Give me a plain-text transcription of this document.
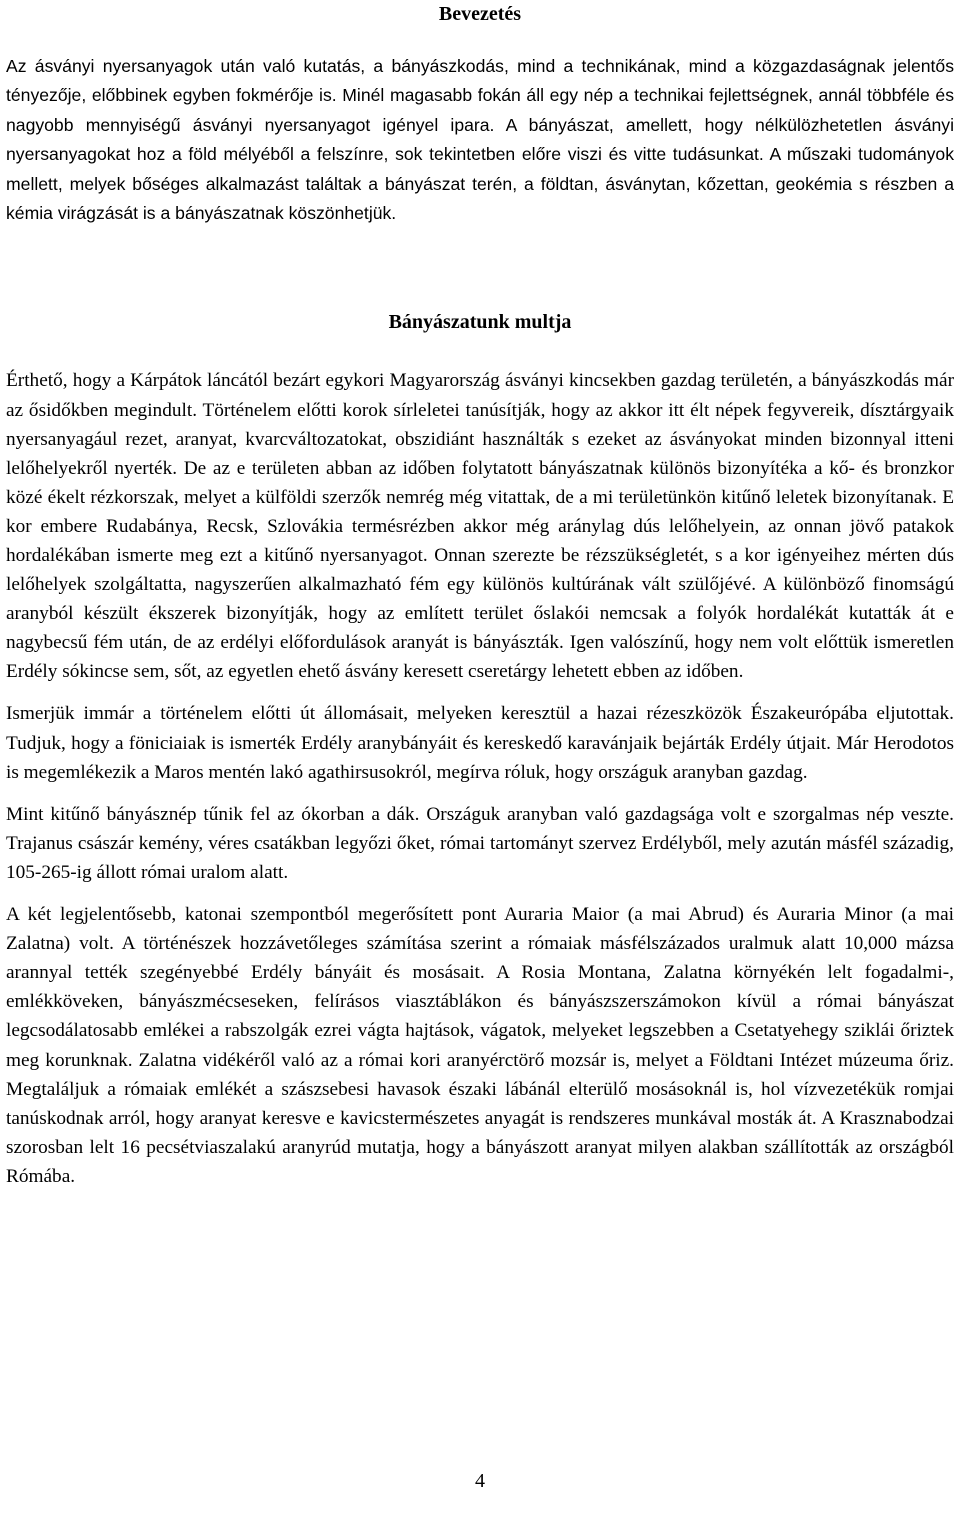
Bevezetés

Az ásványi nyersanyagok után való kutatás, a bányászkodás, mind a technikának, mind a közgazdaságnak jelentős tényezője, előbbinek egyben fokmérője is. Minél magasabb fokán áll egy nép a technikai fejlettségnek, annál többféle és nagyobb mennyiségű ásványi nyersanyagot igényel ipara. A bányászat, amellett, hogy nélkülözhetetlen ásványi nyersanyagokat hoz a föld mélyéből a felszínre, sok tekintetben előre viszi és vitte tudásunkat. A műszaki tudományok mellett, melyek bőséges alkalmazást találtak a bányászat terén, a földtan, ásványtan, kőzettan, geokémia s részben a kémia virágzását is a bányászatnak köszönhetjük.

Bányászatunk multja

Érthető, hogy a Kárpátok láncától bezárt egykori Magyarország ásványi kincsekben gazdag területén, a bányászkodás már az ősidőkben megindult. Történelem előtti korok sírleletei tanúsítják, hogy az akkor itt élt népek fegyvereik, dísztárgyaik nyersanyagául rezet, aranyat, kvarcváltozatokat, obszidiánt használták s ezeket az ásványokat minden bizonnyal itteni lelőhelyekről nyerték. De az e területen abban az időben folytatott bányászatnak különös bizonyítéka a kő- és bronzkor közé ékelt rézkorszak, melyet a külföldi szerzők nemrég még vitattak, de a mi területünkön kitűnő leletek bizonyítanak. E kor embere Rudabánya, Recsk, Szlovákia termésrézben akkor még aránylag dús lelőhelyein, az onnan jövő patakok hordalékában ismerte meg ezt a kitűnő nyersanyagot. Onnan szerezte be rézszükségletét, s a kor igényeihez mérten dús lelőhelyek szolgáltatta, nagyszerűen alkalmazható fém egy különös kultúrának vált szülőjévé. A különböző finomságú aranyból készült ékszerek bizonyítják, hogy az említett terület őslakói nemcsak a folyók hordalékát kutatták át e nagybecsű fém után, de az erdélyi előfordulások aranyát is bányászták. Igen valószínű, hogy nem volt előttük ismeretlen Erdély sókincse sem, sőt, az egyetlen ehető ásvány keresett cseretárgy lehetett ebben az időben.

Ismerjük immár a történelem előtti út állomásait, melyeken keresztül a hazai rézeszközök Északeurópába eljutottak. Tudjuk, hogy a föniciaiak is ismerték Erdély aranybányáit és kereskedő karavánjaik bejárták Erdély útjait. Már Herodotos is megemlékezik a Maros mentén lakó agathirsusokról, megírva róluk, hogy országuk aranyban gazdag.

Mint kitűnő bányásznép tűnik fel az ókorban a dák. Országuk aranyban való gazdagsága volt e szorgalmas nép veszte. Trajanus császár kemény, véres csatákban legyőzi őket, római tartományt szervez Erdélyből, mely azután másfél századig, 105-265-ig állott római uralom alatt.

A két legjelentősebb, katonai szempontból megerősített pont Auraria Maior (a mai Abrud) és Auraria Minor (a mai Zalatna) volt. A történészek hozzávetőleges számítása szerint a rómaiak másfélszázados uralmuk alatt 10,000 mázsa arannyal tették szegényebbé Erdély bányáit és mosásait. A Rosia Montana, Zalatna környékén lelt fogadalmi-, emlékköveken, bányászmécseseken, felírásos viasztáblákon és bányászszerszámokon kívül a római bányászat legcsodálatosabb emlékei a rabszolgák ezrei vágta hajtások, vágatok, melyeket legszebben a Csetatyehegy sziklái őriztek meg korunknak. Zalatna vidékéről való az a római kori aranyérctörő mozsár is, melyet a Földtani Intézet múzeuma őriz. Megtaláljuk a rómaiak emlékét a szászsebesi havasok északi lábánál elterülő mosásoknál is, hol vízvezetékük romjai tanúskodnak arról, hogy aranyat keresve e kavicstermészetes anyagát is rendszeres munkával mosták át. A Krasznabodzai szorosban lelt 16 pecsétviaszalakú aranyrúd mutatja, hogy a bányászott aranyat milyen alakban szállították az országból Rómába.

4
